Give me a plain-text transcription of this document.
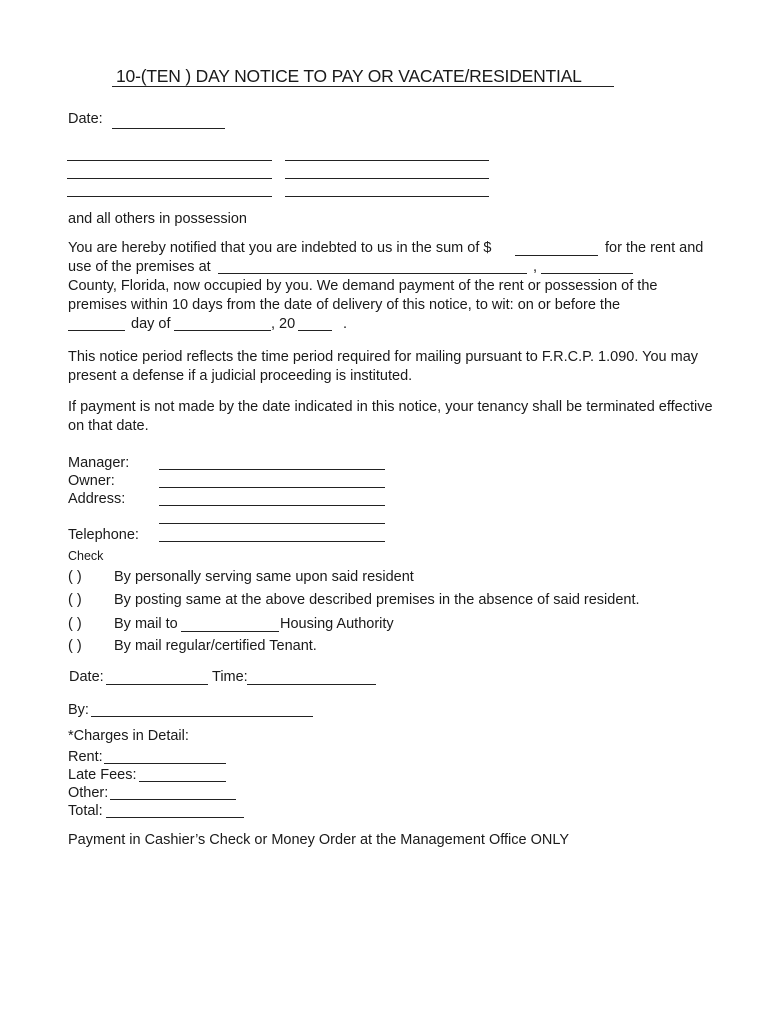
10-(TEN ) DAY NOTICE TO PAY OR VACATE/RESIDENTIAL
Date:
and all others in possession
You are hereby notified that you are indebted to us in the sum of $	for the rent and
use of the premises at	,
County, Florida, now occupied by you. We demand payment of the rent or possession of the
premises within 10 days from the date of delivery of this notice, to wit: on or before the
day of	, 20	.
This notice period reflects the time period required for mailing pursuant to F.R.C.P. 1.090. You may present a defense if a judicial proceeding is instituted.
If payment is not made by the date indicated in this notice, your tenancy shall be terminated effective on that date.
Manager:
Owner:
Address:
Telephone:
Check
( ) By personally serving same upon said resident
( ) By posting same at the above described premises in the absence of said resident.
( ) By mail to	Housing Authority
( ) By mail regular/certified Tenant.
Date:	Time:
By:
*Charges in Detail:
Rent:
Late Fees:
Other:
Total:
Payment in Cashier’s Check or Money Order at the Management Office ONLY
